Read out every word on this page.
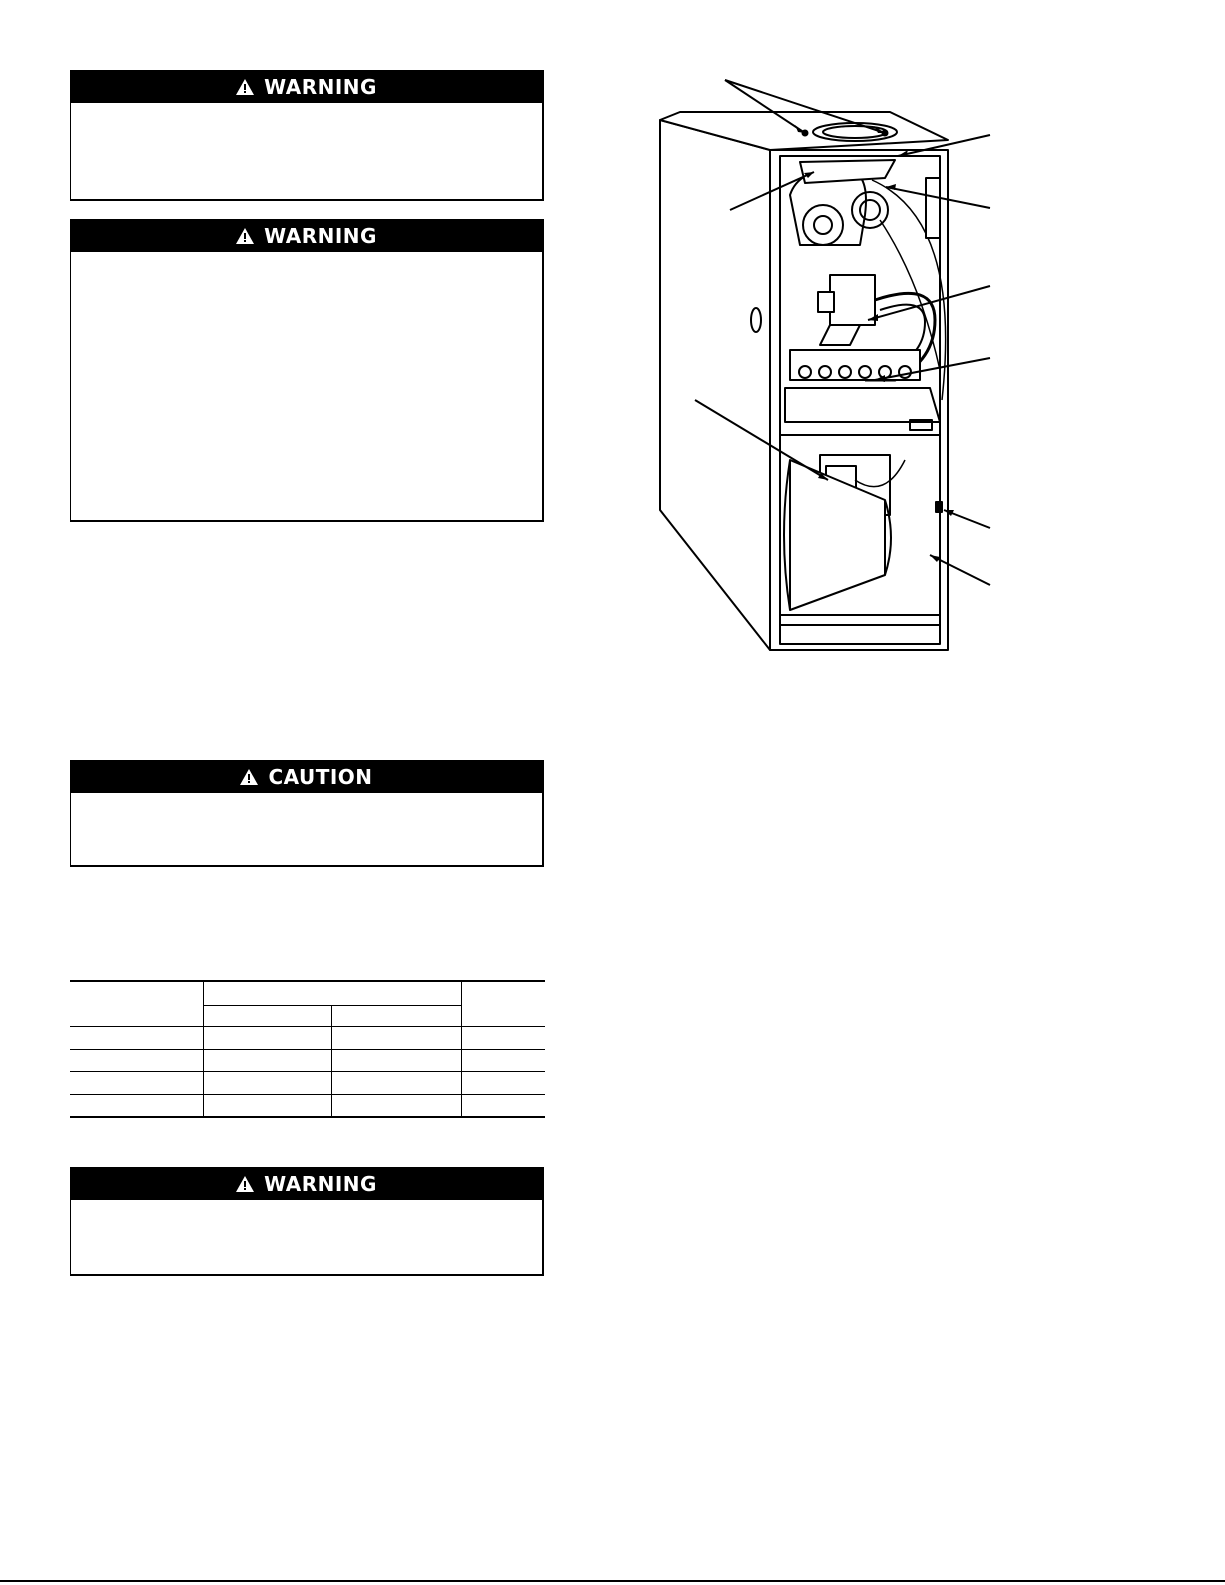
WARNING
WARNING
CAUTION
WARNING
